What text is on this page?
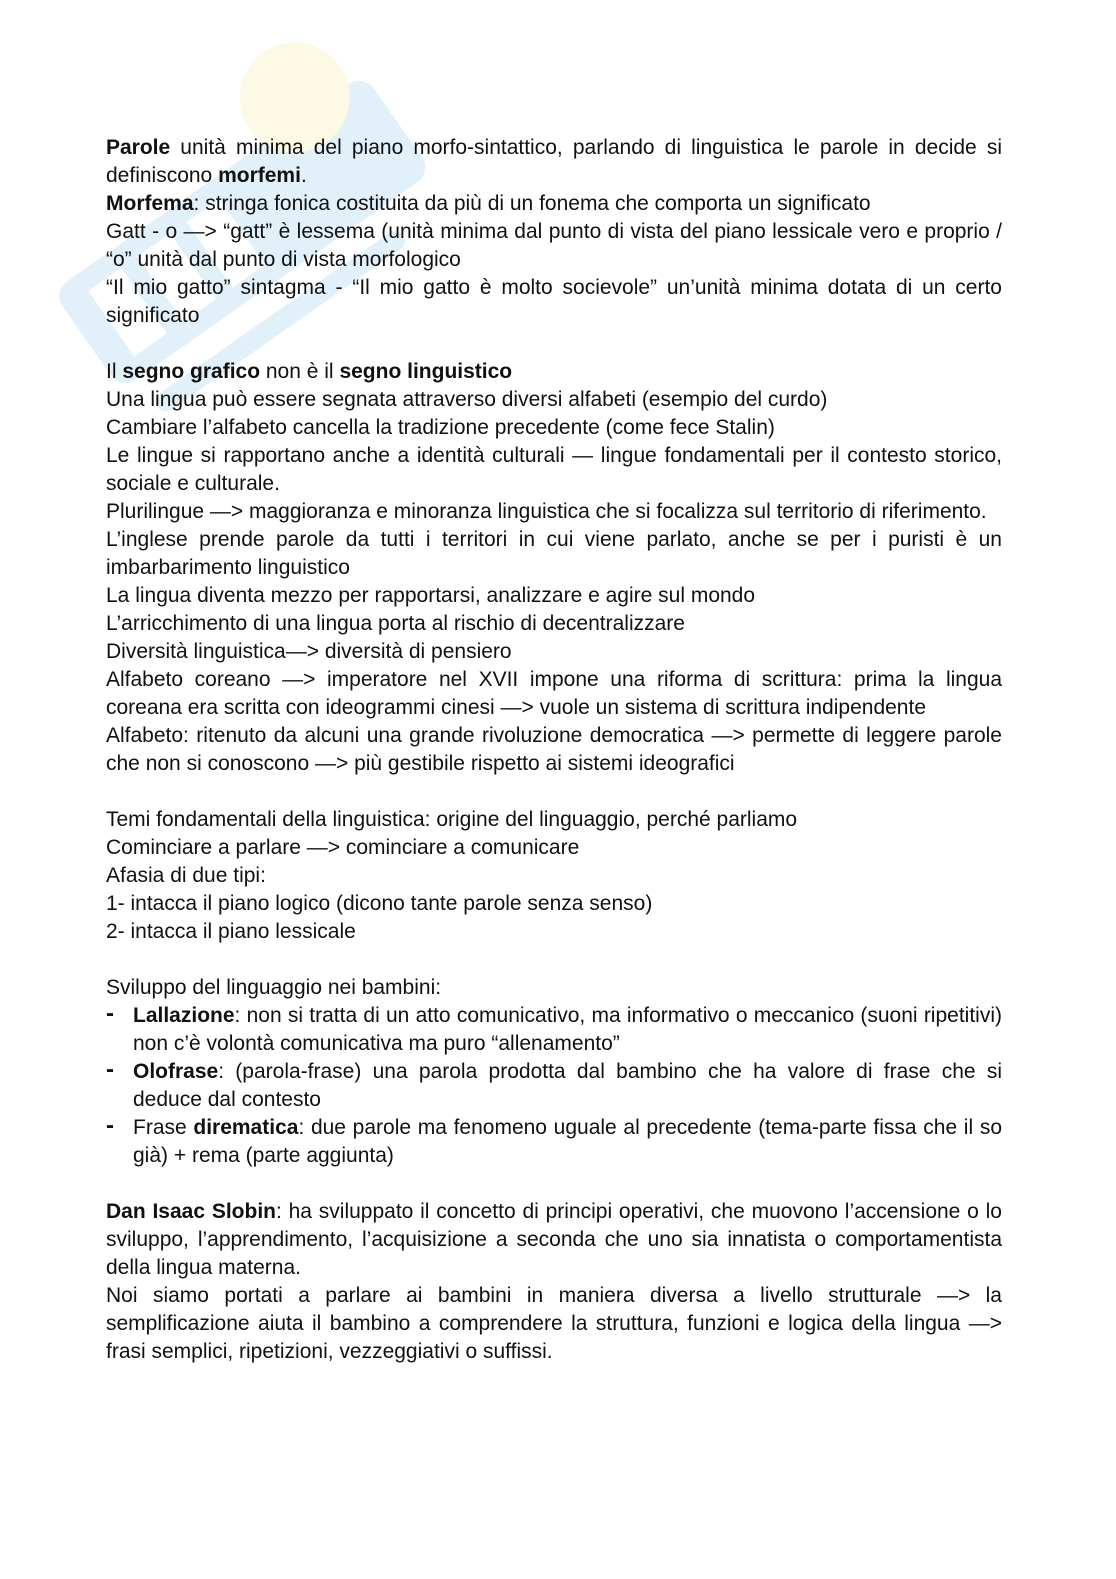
Parole unità minima del piano morfo-sintattico, parlando di linguistica le parole in decide si definiscono morfemi.

Morfema: stringa fonica costituita da più di un fonema che comporta un significato

Gatt - o —> “gatt” è lessema (unità minima dal punto di vista del piano lessicale vero e proprio / “o” unità dal punto di vista morfologico

“Il mio gatto” sintagma - “Il mio gatto è molto socievole” un’unità minima dotata di un certo significato

Il segno grafico non è il segno linguistico

Una lingua può essere segnata attraverso diversi alfabeti (esempio del curdo)

Cambiare l’alfabeto cancella la tradizione precedente (come fece Stalin)

Le lingue si rapportano anche a identità culturali — lingue fondamentali per il contesto storico, sociale e culturale.

Plurilingue —> maggioranza e minoranza linguistica che si focalizza sul territorio di riferimento.

L’inglese prende parole da tutti i territori in cui viene parlato, anche se per i puristi è un imbarbarimento linguistico

La lingua diventa mezzo per rapportarsi, analizzare e agire sul mondo

L’arricchimento di una lingua porta al rischio di decentralizzare

Diversità linguistica—> diversità di pensiero

Alfabeto coreano —> imperatore nel XVII impone una riforma di scrittura: prima la lingua coreana era scritta con ideogrammi cinesi —> vuole un sistema di scrittura indipendente

Alfabeto: ritenuto da alcuni una grande rivoluzione democratica —> permette di leggere parole che non si conoscono —> più gestibile rispetto ai sistemi ideografici

Temi fondamentali della linguistica: origine del linguaggio, perché parliamo

Cominciare a parlare —> cominciare a comunicare

Afasia di due tipi:

1- intacca il piano logico (dicono tante parole senza senso)

2- intacca il piano lessicale

Sviluppo del linguaggio nei bambini:

- Lallazione: non si tratta di un atto comunicativo, ma informativo o meccanico (suoni ripetitivi) non c’è volontà comunicativa ma puro “allenamento”
- Olofrase: (parola-frase) una parola prodotta dal bambino che ha valore di frase che si deduce dal contesto
- Frase dirematica: due parole ma fenomeno uguale al precedente (tema-parte fissa che il so già) + rema (parte aggiunta)

Dan Isaac Slobin: ha sviluppato il concetto di principi operativi, che muovono l’accensione o lo sviluppo, l’apprendimento, l’acquisizione a seconda che uno sia innatista o comportamentista della lingua materna.

Noi siamo portati a parlare ai bambini in maniera diversa a livello strutturale —> la semplificazione aiuta il bambino a comprendere la struttura, funzioni e logica della lingua —> frasi semplici, ripetizioni, vezzeggiativi o suffissi.
